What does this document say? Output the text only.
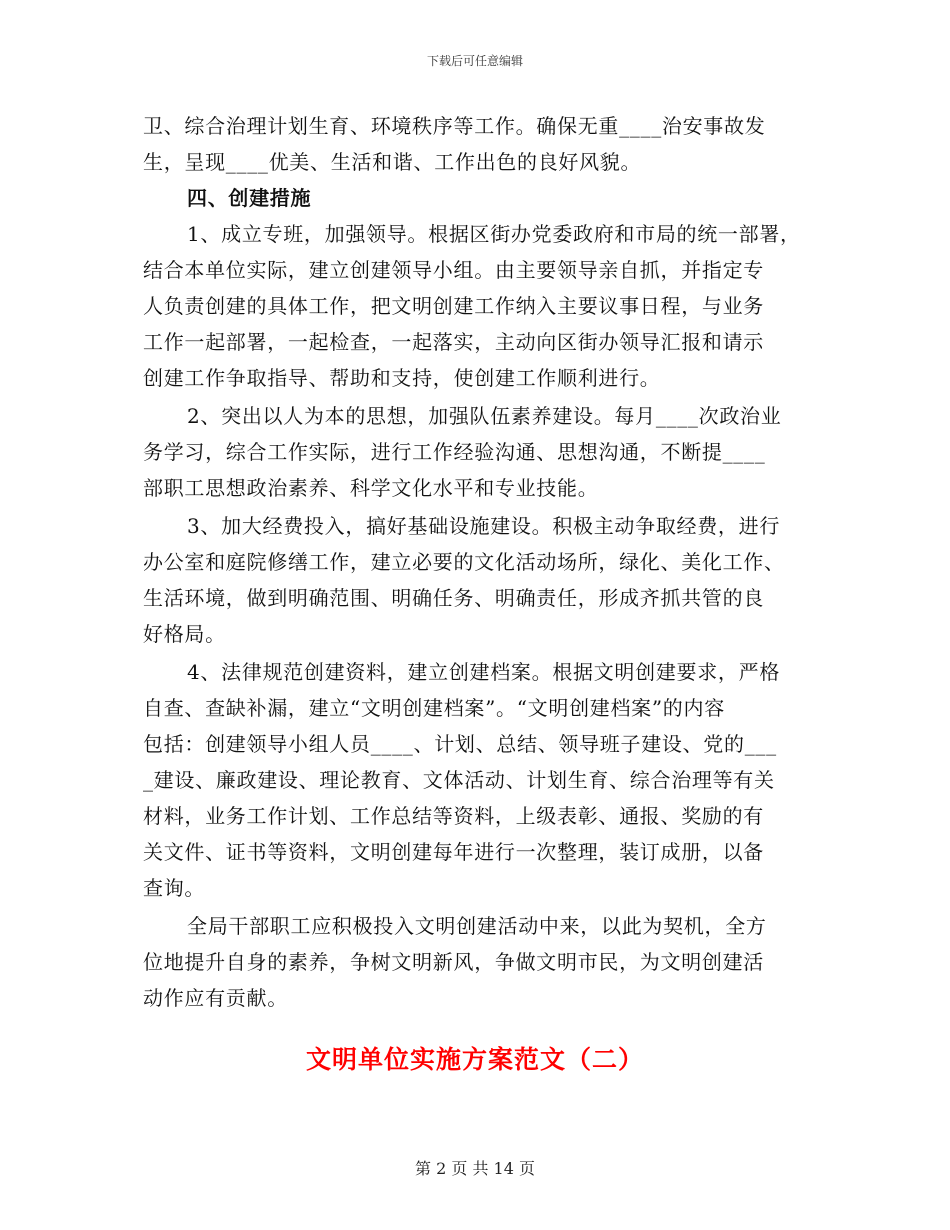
下载后可任意编辑
卫、综合治理计划生育、环境秩序等工作。确保无重____治安事故发
生，呈现____优美、生活和谐、工作出色的良好风貌。
四、创建措施
1、成立专班，加强领导。根据区街办党委政府和市局的统一部署，
结合本单位实际，建立创建领导小组。由主要领导亲自抓，并指定专
人负责创建的具体工作，把文明创建工作纳入主要议事日程，与业务
工作一起部署，一起检查，一起落实，主动向区街办领导汇报和请示
创建工作争取指导、帮助和支持，使创建工作顺利进行。
2、突出以人为本的思想，加强队伍素养建设。每月____次政治业
务学习，综合工作实际，进行工作经验沟通、思想沟通，不断提____
部职工思想政治素养、科学文化水平和专业技能。
3、加大经费投入，搞好基础设施建设。积极主动争取经费，进行
办公室和庭院修缮工作，建立必要的文化活动场所，绿化、美化工作、
生活环境，做到明确范围、明确任务、明确责任，形成齐抓共管的良
好格局。
4、法律规范创建资料，建立创建档案。根据文明创建要求，严格
自查、查缺补漏，建立“文明创建档案”。“文明创建档案”的内容
包括：创建领导小组人员____、计划、总结、领导班子建设、党的___
_建设、廉政建设、理论教育、文体活动、计划生育、综合治理等有关
材料，业务工作计划、工作总结等资料，上级表彰、通报、奖励的有
关文件、证书等资料，文明创建每年进行一次整理，装订成册，以备
查询。
全局干部职工应积极投入文明创建活动中来，以此为契机，全方
位地提升自身的素养，争树文明新风，争做文明市民，为文明创建活
动作应有贡献。
文明单位实施方案范文（二）
第 2 页 共 14 页
